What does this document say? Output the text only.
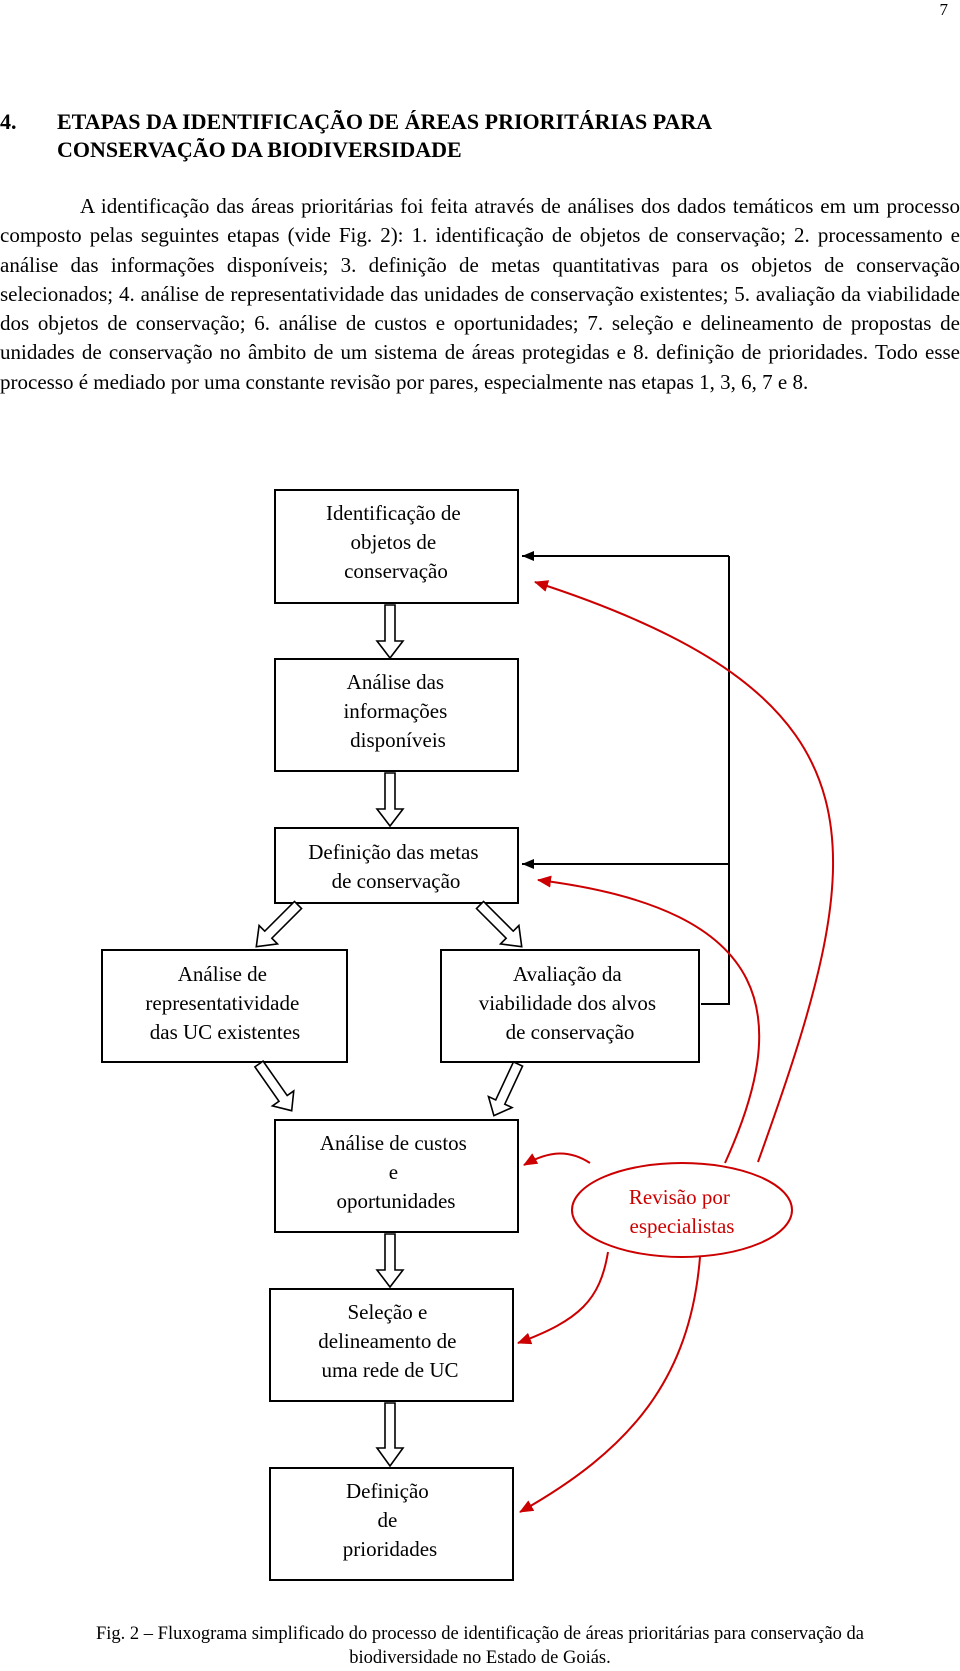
7
4. ETAPAS DA IDENTIFICAÇÃO DE ÁREAS PRIORITÁRIAS PARA
CONSERVAÇÃO DA BIODIVERSIDADE

A identificação das áreas prioritárias foi feita através de análises dos dados temáticos em um processo composto pelas seguintes etapas (vide Fig. 2): 1. identificação de objetos de conservação; 2. processamento e análise das informações disponíveis; 3. definição de metas quantitativas para os objetos de conservação selecionados; 4. análise de representatividade das unidades de conservação existentes; 5. avaliação da viabilidade dos objetos de conservação; 6. análise de custos e oportunidades; 7. seleção e delineamento de propostas de unidades de conservação no âmbito de um sistema de áreas protegidas e 8. definição de prioridades. Todo esse processo é mediado por uma constante revisão por pares, especialmente nas etapas 1, 3, 6, 7 e 8.

Identificação de objetos de conservação
Análise das informações disponíveis
Definição das metas de conservação
Análise de representatividade das UC existentes
Avaliação da viabilidade dos alvos de conservação
Análise de custos e oportunidades
Seleção e delineamento de uma rede de UC
Definição de prioridades
Revisão por especialistas
Fig. 2 – Fluxograma simplificado do processo de identificação de áreas prioritárias para conservação da
biodiversidade no Estado de Goiás.
